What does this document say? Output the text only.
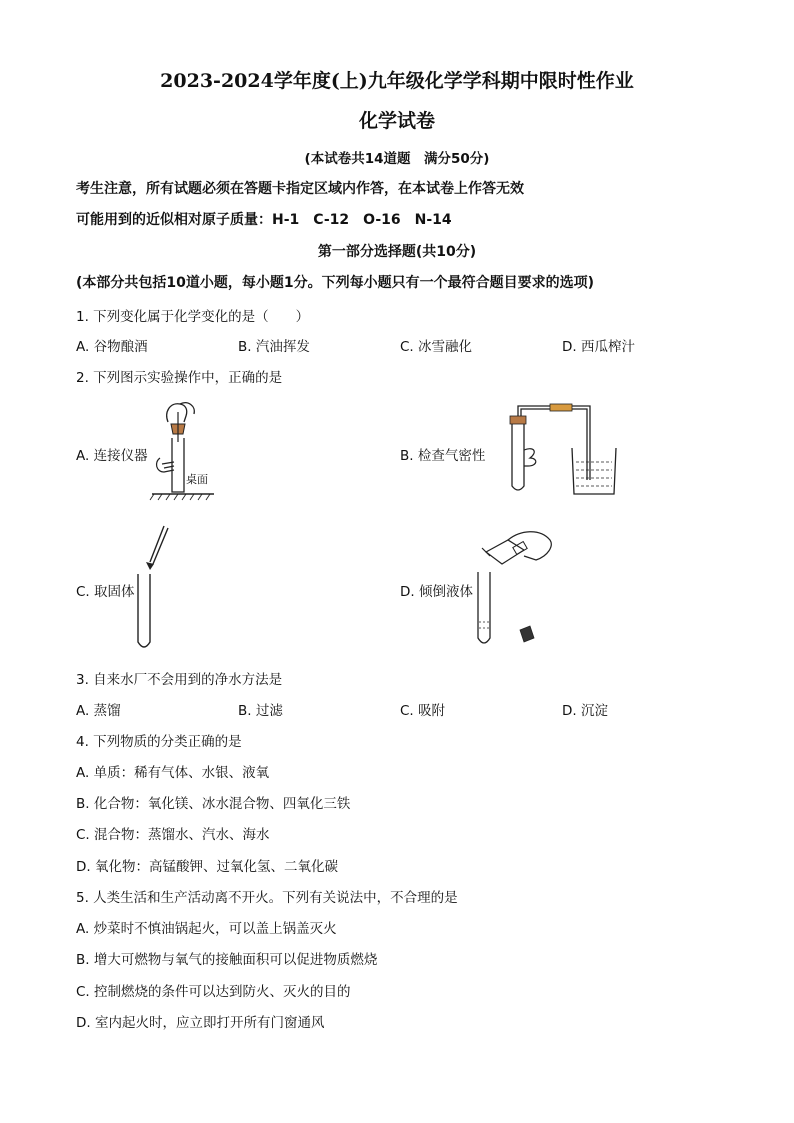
2023-2024学年度(上)九年级化学学科期中限时性作业
化学试卷
(本试卷共14道题　满分50分)
考生注意，所有试题必须在答题卡指定区域内作答，在本试卷上作答无效
可能用到的近似相对原子质量：H-1　C-12　O-16　N-14
第一部分选择题(共10分)
(本部分共包括10道小题，每小题1分。下列每小题只有一个最符合题目要求的选项)
1. 下列变化属于化学变化的是（　　）
A. 谷物酿酒	B. 汽油挥发	C. 冰雪融化	D. 西瓜榨汁
2. 下列图示实验操作中，正确的是
A. 连接仪器
桌面
B. 检查气密性
C. 取固体	D. 倾倒液体
3. 自来水厂不会用到的净水方法是
A. 蒸馏	B. 过滤	C. 吸附	D. 沉淀
4. 下列物质的分类正确的是
A. 单质：稀有气体、水银、液氧
B. 化合物：氧化镁、冰水混合物、四氧化三铁
C. 混合物：蒸馏水、汽水、海水
D. 氧化物：高锰酸钾、过氧化氢、二氧化碳
5. 人类生活和生产活动离不开火。下列有关说法中，不合理的是
A. 炒菜时不慎油锅起火，可以盖上锅盖灭火
B. 增大可燃物与氧气的接触面积可以促进物质燃烧
C. 控制燃烧的条件可以达到防火、灭火的目的
D. 室内起火时，应立即打开所有门窗通风
